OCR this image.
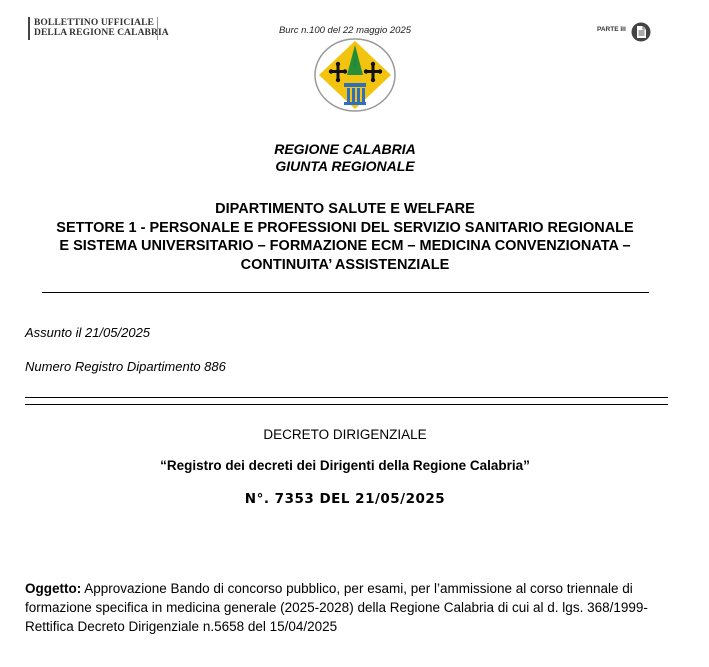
BOLLETTINO UFFICIALE
DELLA REGIONE CALABRIA	Burc n.100 del 22 maggio 2025	PARTE III
REGIONE CALABRIA
GIUNTA REGIONALE
DIPARTIMENTO SALUTE E WELFARE
SETTORE 1 - PERSONALE E PROFESSIONI DEL SERVIZIO SANITARIO REGIONALE
E SISTEMA UNIVERSITARIO – FORMAZIONE ECM – MEDICINA CONVENZIONATA –
CONTINUITA’ ASSISTENZIALE
Assunto il 21/05/2025
Numero Registro Dipartimento 886
DECRETO DIRIGENZIALE
“Registro dei decreti dei Dirigenti della Regione Calabria”
N°. 7353 DEL 21/05/2025
Oggetto: Approvazione Bando di concorso pubblico, per esami, per l’ammissione al corso triennale di formazione specifica in medicina generale (2025-2028) della Regione Calabria di cui al d. lgs. 368/1999-Rettifica Decreto Dirigenziale n.5658 del 15/04/2025
